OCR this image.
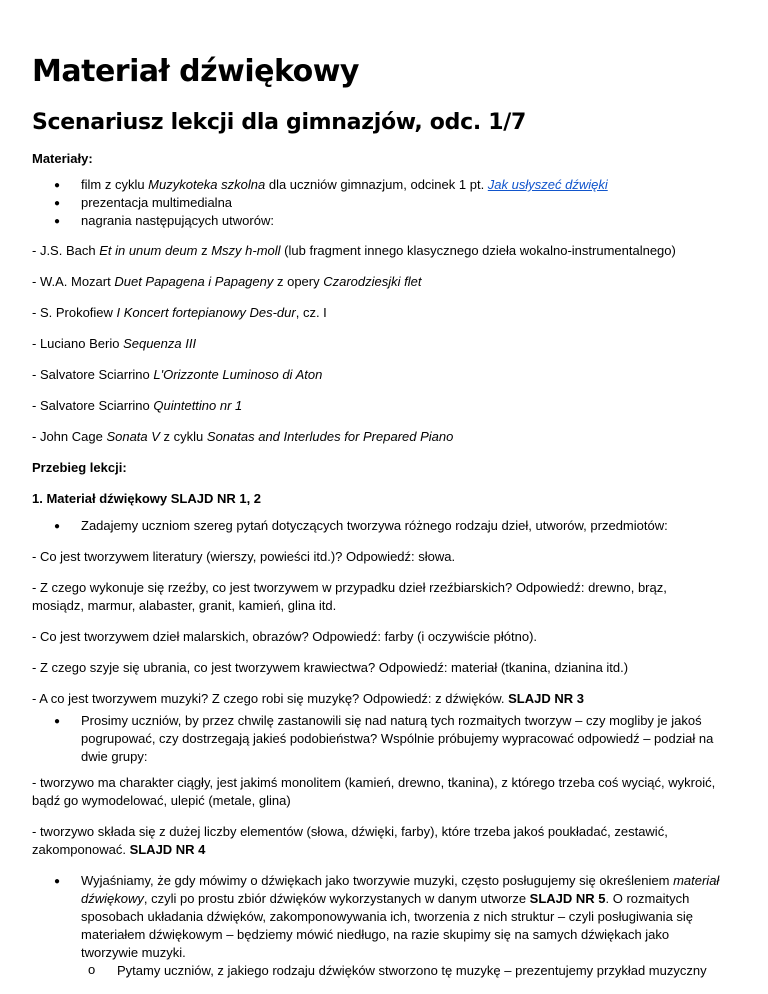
Materiał dźwiękowy
Scenariusz lekcji dla gimnazjów, odc. 1/7

Materiały:

● film z cyklu Muzykoteka szkolna dla uczniów gimnazjum, odcinek 1 pt. Jak usłyszeć dźwięki

● prezentacja multimedialna

● nagrania następujących utworów:

- J.S. Bach Et in unum deum z Mszy h-moll (lub fragment innego klasycznego dzieła wokalno-instrumentalnego)

- W.A. Mozart Duet Papagena i Papageny z opery Czarodziesjki flet

- S. Prokofiew I Koncert fortepianowy Des-dur, cz. I

- Luciano Berio Sequenza III

- Salvatore Sciarrino L'Orizzonte Luminoso di Aton

- Salvatore Sciarrino Quintettino nr 1

- John Cage Sonata V z cyklu Sonatas and Interludes for Prepared Piano

Przebieg lekcji:

1. Materiał dźwiękowy SLAJD NR 1, 2

● Zadajemy uczniom szereg pytań dotyczących tworzywa różnego rodzaju dzieł, utworów, przedmiotów:

- Co jest tworzywem literatury (wierszy, powieści itd.)? Odpowiedź: słowa.

- Z czego wykonuje się rzeźby, co jest tworzywem w przypadku dzieł rzeźbiarskich? Odpowiedź: drewno, brąz, mosiądz, marmur, alabaster, granit, kamień, glina itd.

- Co jest tworzywem dzieł malarskich, obrazów? Odpowiedź: farby (i oczywiście płótno).

- Z czego szyje się ubrania, co jest tworzywem krawiectwa? Odpowiedź: materiał (tkanina, dzianina itd.)

- A co jest tworzywem muzyki? Z czego robi się muzykę? Odpowiedź: z dźwięków. SLAJD NR 3

● Prosimy uczniów, by przez chwilę zastanowili się nad naturą tych rozmaitych tworzyw – czy mogliby je jakoś pogrupować, czy dostrzegają jakieś podobieństwa? Wspólnie próbujemy wypracować odpowiedź – podział na dwie grupy:

- tworzywo ma charakter ciągły, jest jakimś monolitem (kamień, drewno, tkanina), z którego trzeba coś wyciąć, wykroić, bądź go wymodelować, ulepić (metale, glina)

- tworzywo składa się z dużej liczby elementów (słowa, dźwięki, farby), które trzeba jakoś poukładać, zestawić, zakomponować. SLAJD NR 4

● Wyjaśniamy, że gdy mówimy o dźwiękach jako tworzywie muzyki, często posługujemy się określeniem materiał dźwiękowy, czyli po prostu zbiór dźwięków wykorzystanych w danym utworze SLAJD NR 5. O rozmaitych sposobach układania dźwięków, zakomponowywania ich, tworzenia z nich struktur – czyli posługiwania się materiałem dźwiękowym – będziemy mówić niedługo, na razie skupimy się na samych dźwiękach jako tworzywie muzyki.

o Pytamy uczniów, z jakiego rodzaju dźwięków stworzono tę muzykę – prezentujemy przykład muzyczny
